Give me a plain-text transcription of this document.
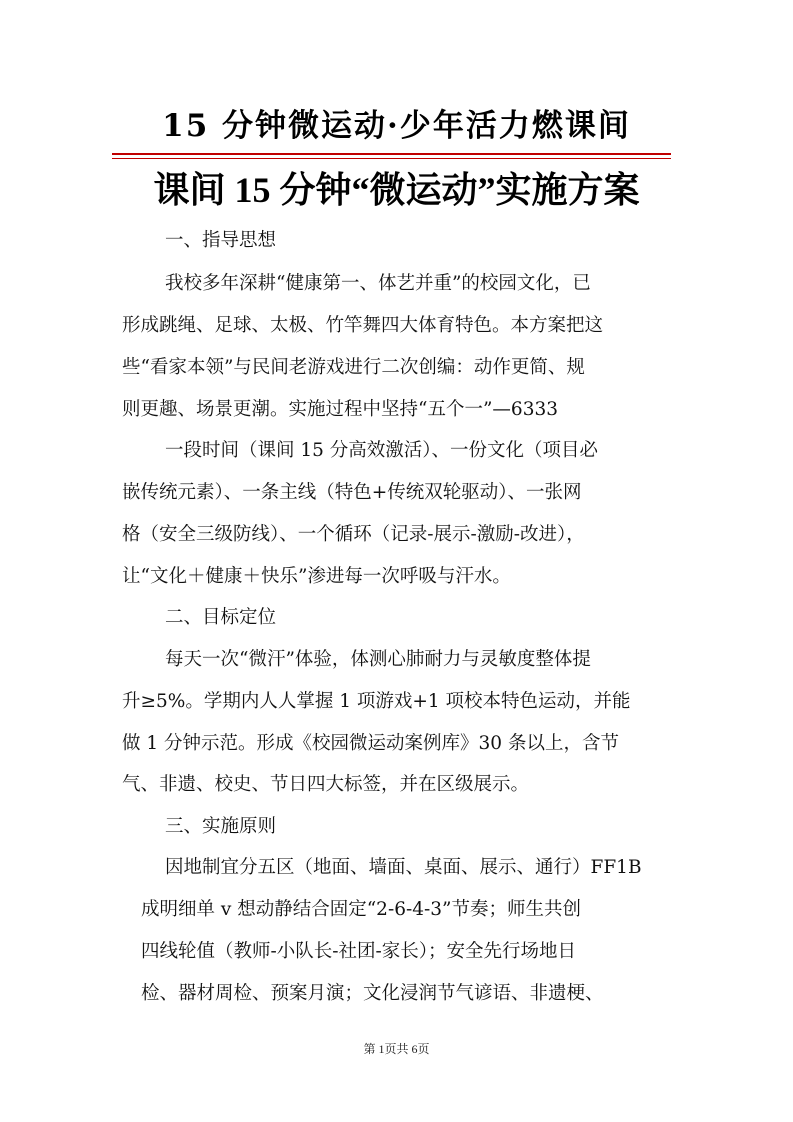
15 分钟微运动·少年活力燃课间
课间 15 分钟“微运动”实施方案
一、指导思想
我校多年深耕“健康第一、体艺并重”的校园文化，已
形成跳绳、足球、太极、竹竿舞四大体育特色。本方案把这
些“看家本领”与民间老游戏进行二次创编：动作更简、规
则更趣、场景更潮。实施过程中坚持“五个一”—6333
一段时间（课间 15 分高效激活）、一份文化（项目必
嵌传统元素）、一条主线（特色+传统双轮驱动）、一张网
格（安全三级防线）、一个循环（记录-展示-激励-改进），
让“文化＋健康＋快乐”渗进每一次呼吸与汗水。
二、目标定位
每天一次“微汗”体验，体测心肺耐力与灵敏度整体提
升≥5%。学期内人人掌握 1 项游戏+1 项校本特色运动，并能
做 1 分钟示范。形成《校园微运动案例库》30 条以上，含节
气、非遗、校史、节日四大标签，并在区级展示。
三、实施原则
因地制宜分五区（地面、墙面、桌面、展示、通行）FF1B
成明细单 v 想动静结合固定“2-6-4-3”节奏；师生共创
四线轮值（教师-小队长-社团-家长）；安全先行场地日
检、器材周检、预案月演；文化浸润节气谚语、非遗梗、
第 1页共 6页
